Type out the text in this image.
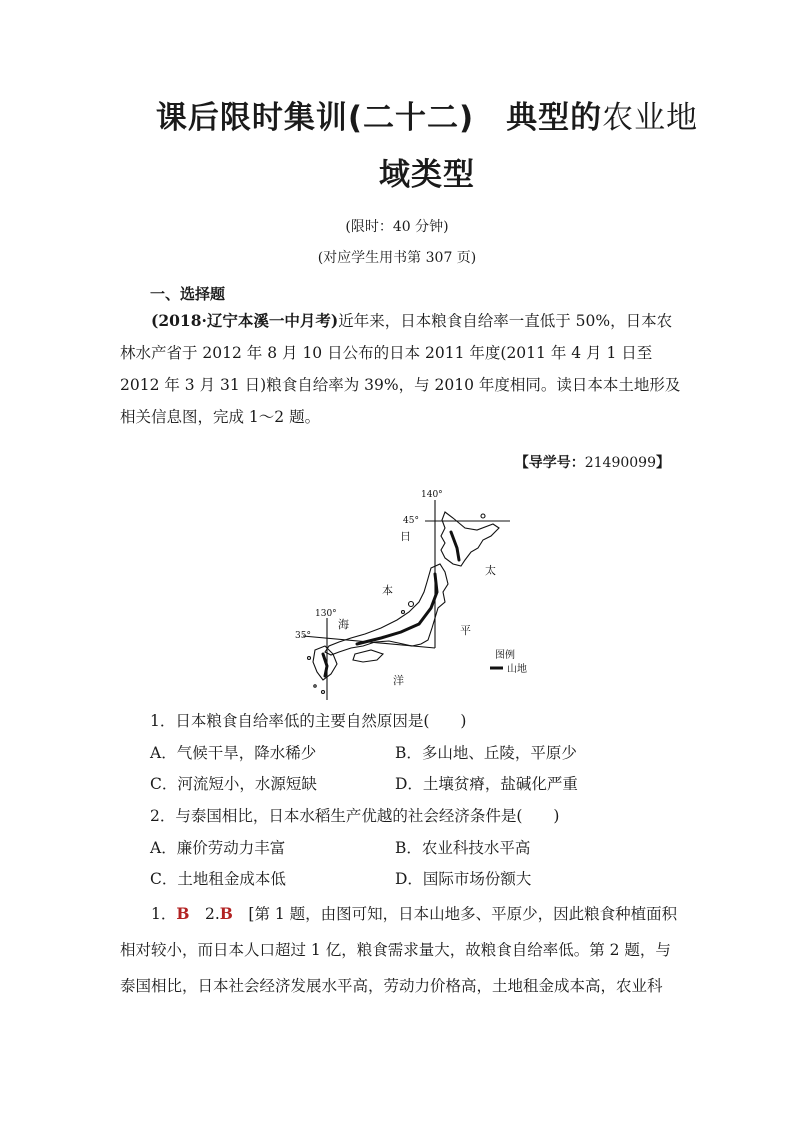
课后限时集训(二十二)　典型的农业地
域类型
(限时：40 分钟)
(对应学生用书第 307 页)
一、选择题
(2018·辽宁本溪一中月考)近年来，日本粮食自给率一直低于 50%，日本农林水产省于 2012 年 8 月 10 日公布的日本 2011 年度(2011 年 4 月 1 日至 2012 年 3 月 31 日)粮食自给率为 39%，与 2010 年度相同。读日本本土地形及相关信息图，完成 1～2 题。
【导学号：21490099】
140°
45°
130°
35°
日
本
海
太
平
洋
图例
山地
1．日本粮食自给率低的主要自然原因是(　　)
A．气候干旱，降水稀少	B．多山地、丘陵，平原少
C．河流短小，水源短缺	D．土壤贫瘠，盐碱化严重
2．与泰国相比，日本水稻生产优越的社会经济条件是(　　)
A．廉价劳动力丰富	B．农业科技水平高
C．土地租金成本低	D．国际市场份额大
1．B　 2.B　 [第 1 题，由图可知，日本山地多、平原少，因此粮食种植面积相对较小，而日本人口超过 1 亿，粮食需求量大，故粮食自给率低。第 2 题，与泰国相比，日本社会经济发展水平高，劳动力价格高，土地租金成本高，农业科
